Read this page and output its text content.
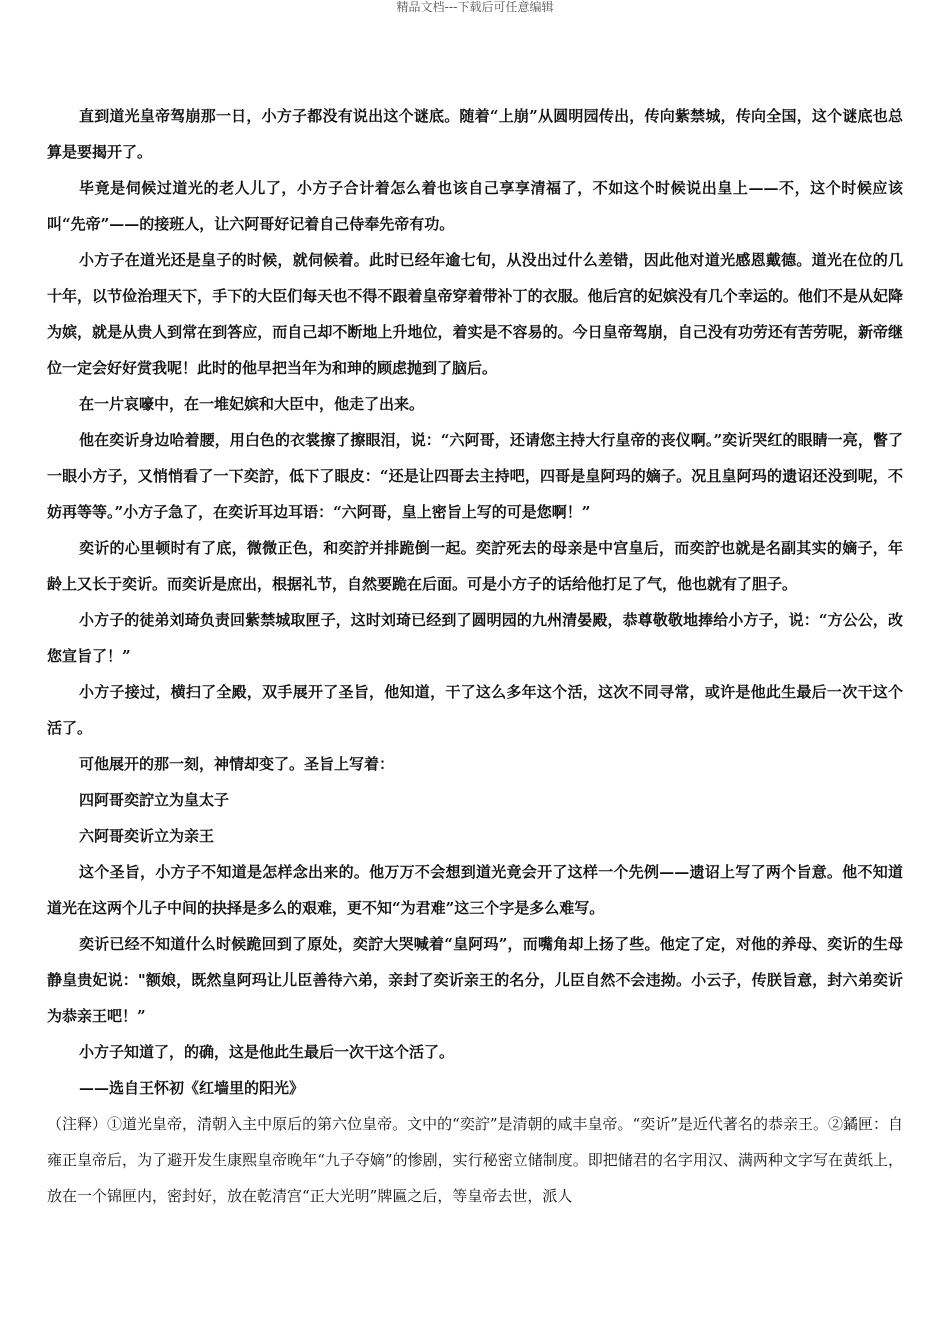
精品文档---下载后可任意编辑

直到道光皇帝驾崩那一日，小方子都没有说出这个谜底。随着“上崩”从圆明园传出，传向紫禁城，传向全国，这个谜底也总算是要揭开了。

毕竟是伺候过道光的老人儿了，小方子合计着怎么着也该自己享享清福了，不如这个时候说出皇上——不，这个时候应该叫“先帝”——的接班人，让六阿哥好记着自己侍奉先帝有功。

小方子在道光还是皇子的时候，就伺候着。此时已经年逾七旬，从没出过什么差错，因此他对道光感恩戴德。道光在位的几十年，以节俭治理天下，手下的大臣们每天也不得不跟着皇帝穿着带补丁的衣服。他后宫的妃嫔没有几个幸运的。他们不是从妃降为嫔，就是从贵人到常在到答应，而自己却不断地上升地位，着实是不容易的。今日皇帝驾崩，自己没有功劳还有苦劳呢，新帝继位一定会好好赏我呢！此时的他早把当年为和珅的顾虑抛到了脑后。

在一片哀嚎中，在一堆妃嫔和大臣中，他走了出来。

他在奕䜣身边哈着腰，用白色的衣裳擦了擦眼泪，说：“六阿哥，还请您主持大行皇帝的丧仪啊。”奕䜣哭红的眼睛一亮，瞥了一眼小方子，又悄悄看了一下奕詝，低下了眼皮：“还是让四哥去主持吧，四哥是皇阿玛的嫡子。况且皇阿玛的遗诏还没到呢，不妨再等等。”小方子急了，在奕䜣耳边耳语：“六阿哥，皇上密旨上写的可是您啊！”

奕䜣的心里顿时有了底，微微正色，和奕詝并排跪倒一起。奕詝死去的母亲是中宫皇后，而奕詝也就是名副其实的嫡子，年龄上又长于奕䜣。而奕䜣是庶出，根据礼节，自然要跪在后面。可是小方子的话给他打足了气，他也就有了胆子。

小方子的徒弟刘琦负责回紫禁城取匣子，这时刘琦已经到了圆明园的九州清晏殿，恭尊敬敬地捧给小方子，说：“方公公，改您宣旨了！”

小方子接过，横扫了全殿，双手展开了圣旨，他知道，干了这么多年这个活，这次不同寻常，或许是他此生最后一次干这个活了。

可他展开的那一刻，神情却变了。圣旨上写着：

四阿哥奕詝立为皇太子

六阿哥奕䜣立为亲王

这个圣旨，小方子不知道是怎样念出来的。他万万不会想到道光竟会开了这样一个先例——遗诏上写了两个旨意。他不知道道光在这两个儿子中间的抉择是多么的艰难，更不知“为君难”这三个字是多么难写。

奕䜣已经不知道什么时候跪回到了原处，奕詝大哭喊着“皇阿玛”，而嘴角却上扬了些。他定了定，对他的养母、奕䜣的生母静皇贵妃说："额娘，既然皇阿玛让儿臣善待六弟，亲封了奕䜣亲王的名分，儿臣自然不会违拗。小云子，传朕旨意，封六弟奕䜣为恭亲王吧！”

小方子知道了，的确，这是他此生最后一次干这个活了。

——选自王怀初《红墙里的阳光》

（注释）①道光皇帝，清朝入主中原后的第六位皇帝。文中的“奕詝”是清朝的咸丰皇帝。“奕䜣”是近代著名的恭亲王。②鐍匣：自雍正皇帝后，为了避开发生康熙皇帝晚年“九子夺嫡”的惨剧，实行秘密立储制度。即把储君的名字用汉、满两种文字写在黄纸上，放在一个锦匣内，密封好，放在乾清宫“正大光明”牌匾之后，等皇帝去世，派人
